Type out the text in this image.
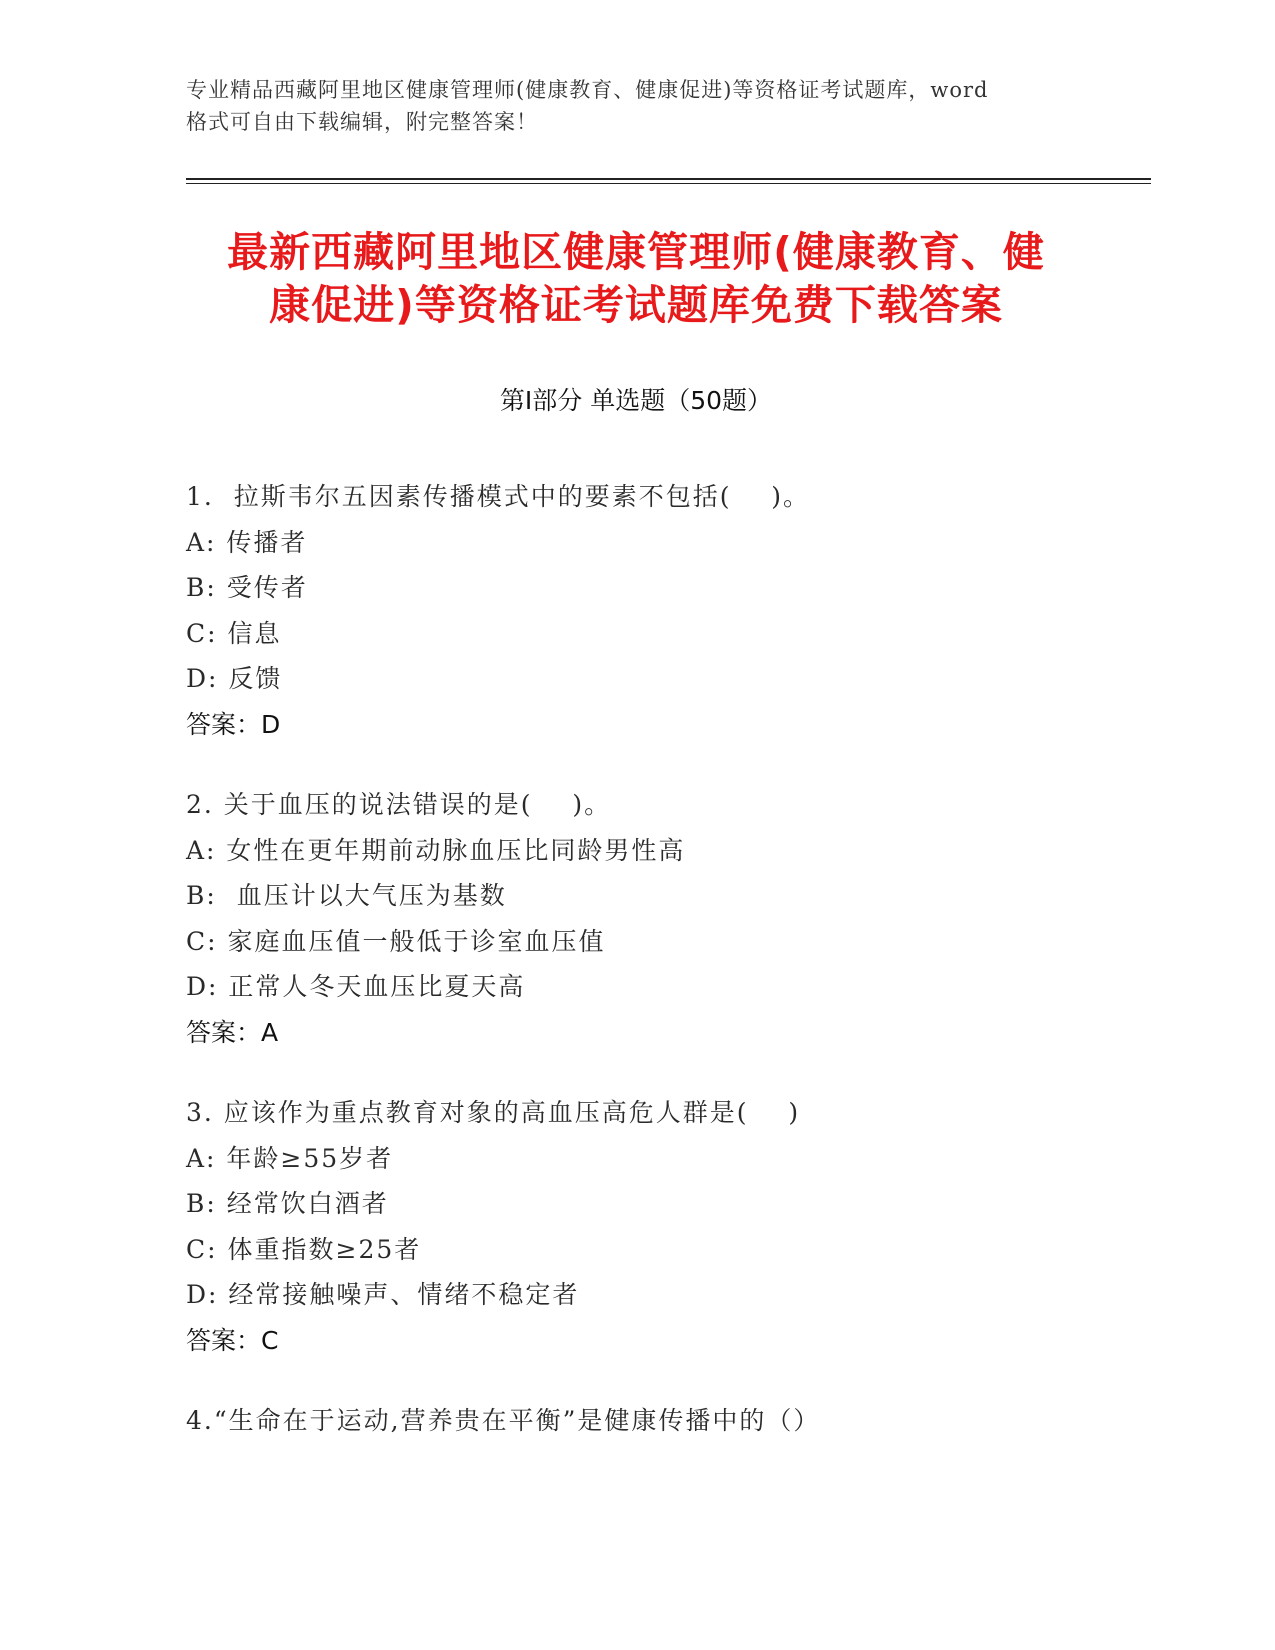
专业精品西藏阿里地区健康管理师(健康教育、健康促进)等资格证考试题库，word
格式可自由下载编辑，附完整答案！
最新西藏阿里地区健康管理师(健康教育、健
康促进)等资格证考试题库免费下载答案
第Ⅰ部分 单选题（50题）
1.  拉斯韦尔五因素传播模式中的要素不包括(    )。
A: 传播者
B: 受传者
C: 信息
D: 反馈
答案：D
2. 关于血压的说法错误的是(    )。
A: 女性在更年期前动脉血压比同龄男性高
B:  血压计以大气压为基数
C: 家庭血压值一般低于诊室血压值
D: 正常人冬天血压比夏天高
答案：A
3. 应该作为重点教育对象的高血压高危人群是(    )
A: 年龄≥55岁者
B: 经常饮白酒者
C: 体重指数≥25者
D: 经常接触噪声、情绪不稳定者
答案：C
4.“生命在于运动,营养贵在平衡”是健康传播中的（）
